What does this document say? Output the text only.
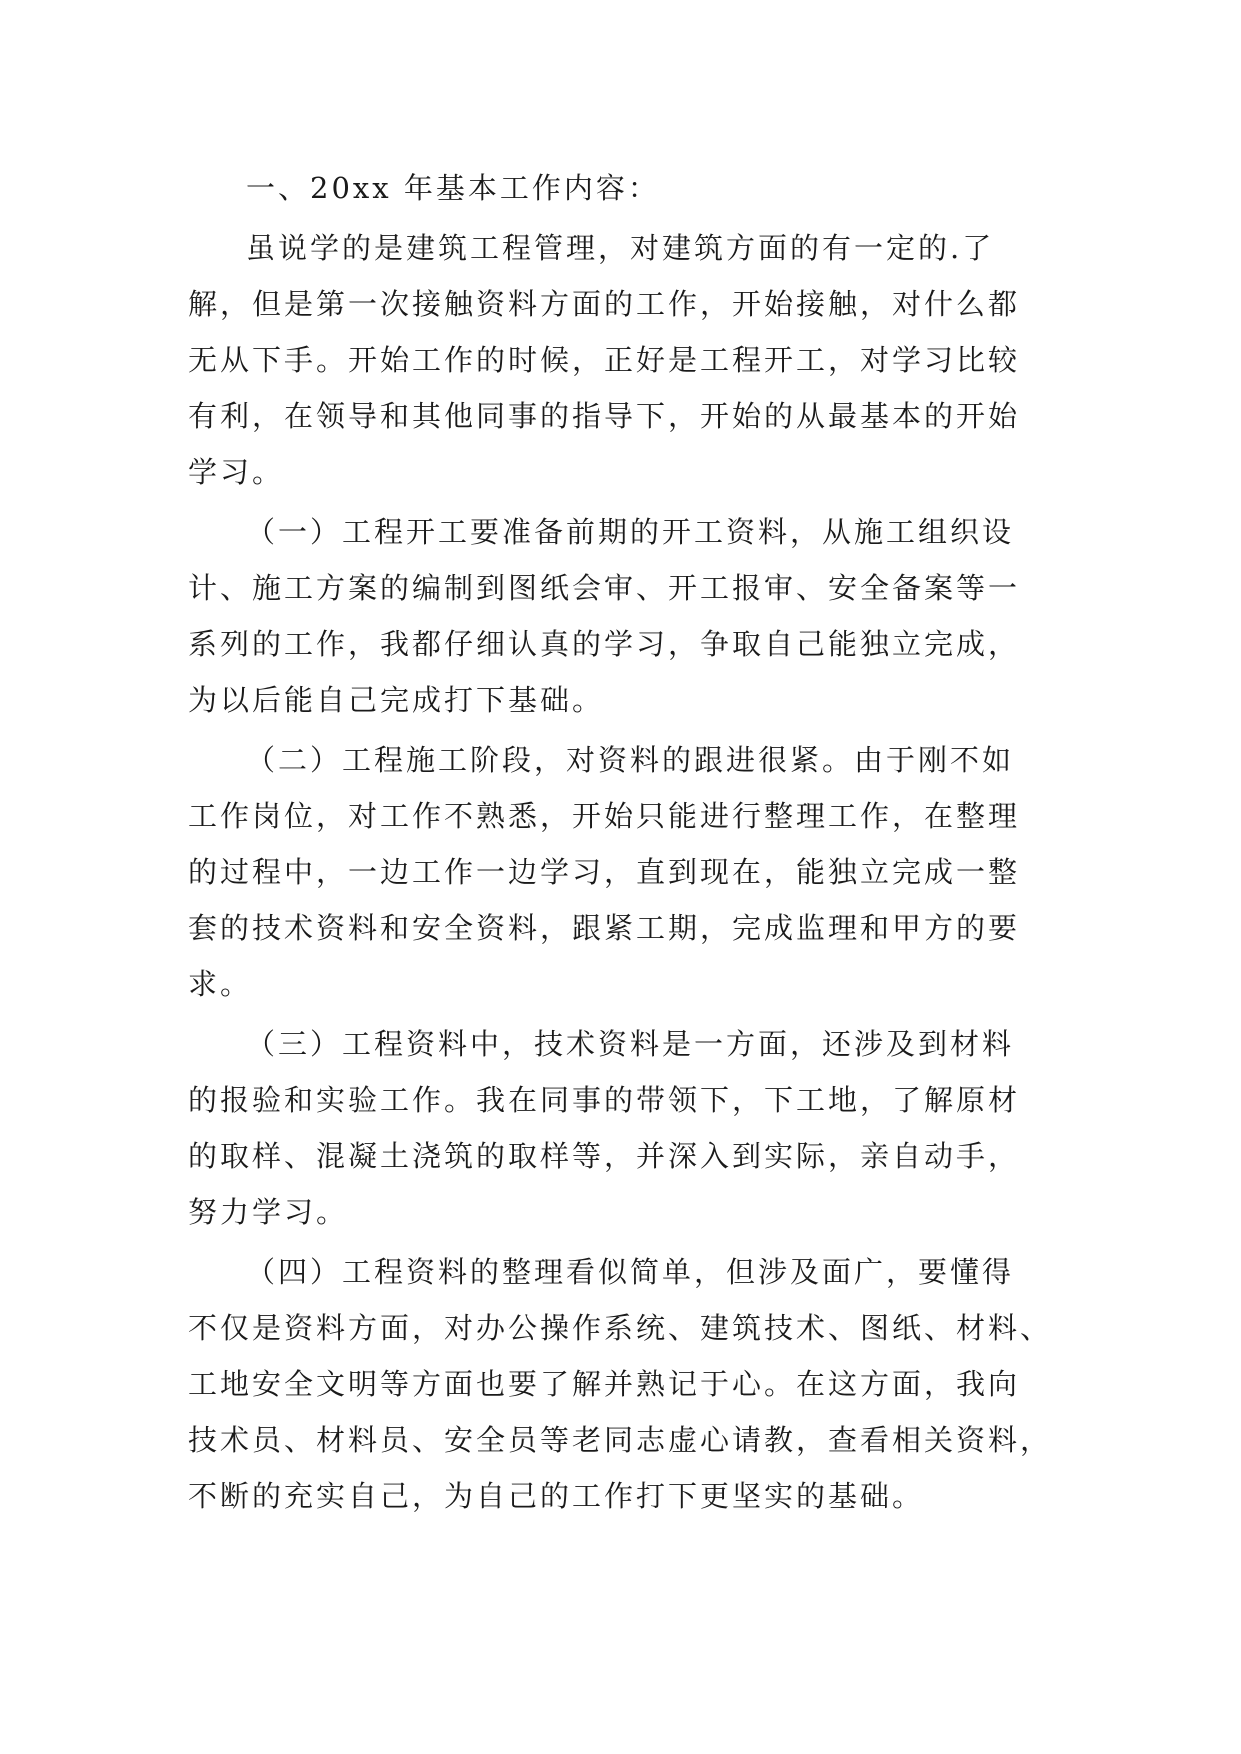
一、20xx 年基本工作内容：
虽说学的是建筑工程管理，对建筑方面的有一定的.了
解，但是第一次接触资料方面的工作，开始接触，对什么都
无从下手。开始工作的时候，正好是工程开工，对学习比较
有利，在领导和其他同事的指导下，开始的从最基本的开始
学习。
（一）工程开工要准备前期的开工资料，从施工组织设
计、施工方案的编制到图纸会审、开工报审、安全备案等一
系列的工作，我都仔细认真的学习，争取自己能独立完成，
为以后能自己完成打下基础。
（二）工程施工阶段，对资料的跟进很紧。由于刚不如
工作岗位，对工作不熟悉，开始只能进行整理工作，在整理
的过程中，一边工作一边学习，直到现在，能独立完成一整
套的技术资料和安全资料，跟紧工期，完成监理和甲方的要
求。
（三）工程资料中，技术资料是一方面，还涉及到材料
的报验和实验工作。我在同事的带领下，下工地，了解原材
的取样、混凝土浇筑的取样等，并深入到实际，亲自动手，
努力学习。
（四）工程资料的整理看似简单，但涉及面广，要懂得
不仅是资料方面，对办公操作系统、建筑技术、图纸、材料、
工地安全文明等方面也要了解并熟记于心。在这方面，我向
技术员、材料员、安全员等老同志虚心请教，查看相关资料，
不断的充实自己，为自己的工作打下更坚实的基础。
